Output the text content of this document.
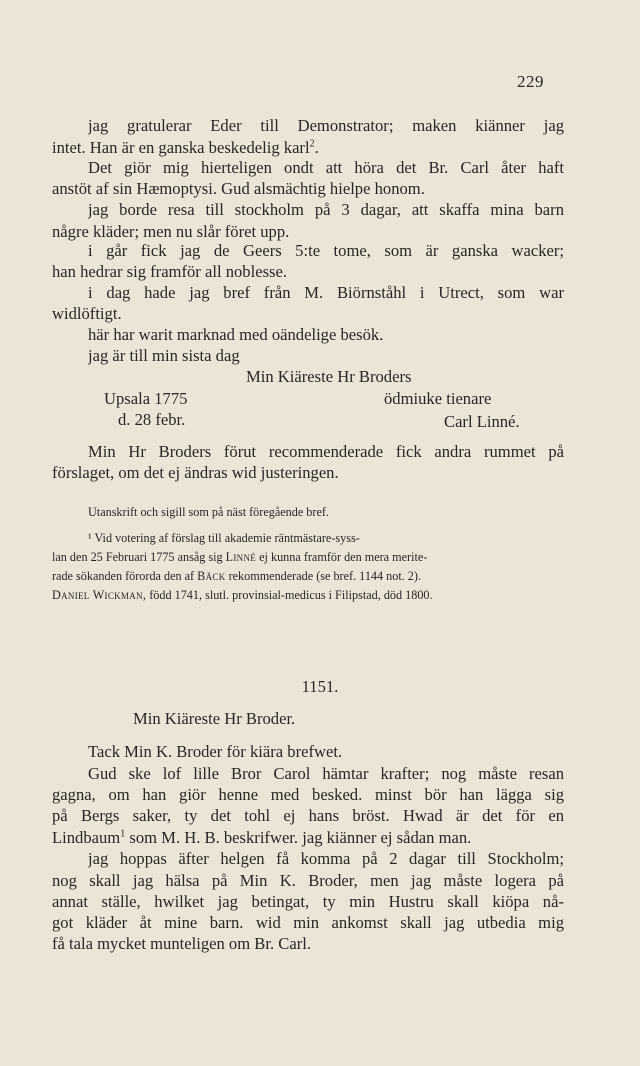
229
jag gratulerar Eder till Demonstrator; maken kiänner jag
intet. Han är en ganska beskedelig karl$^2$.
Det giör mig hierteligen ondt att höra det Br. Carl åter haft
anstöt af sin Hæmoptysi. Gud alsmächtig hielpe honom.
jag borde resa till stockholm på 3 dagar, att skaffa mina barn
någre kläder; men nu slår föret upp.
i går fick jag de Geers 5:te tome, som är ganska wacker;
han hedrar sig framför all noblesse.
i dag hade jag bref från M. Biörnståhl i Utrect, som war
widlöftigt.
här har warit marknad med oändelige besök.
jag är till min sista dag
Min Kiäreste Hr Broders
Upsala 1775	ödmiuke tienare
d. 28 febr.	Carl Linné.
Min Hr Broders förut recommenderade fick andra rummet på
förslaget, om det ej ändras wid justeringen.
Utanskrift och sigill som på näst föregående bref.
¹ Vid votering af förslag till akademie räntmästare-syss-
lan den 25 Februari 1775 ansåg sig Linné ej kunna framför den mera merite-
rade sökanden förorda den af Bäck rekommenderade (se bref. 1144 not. 2).
Daniel Wickman, född 1741, slutl. provinsial-medicus i Filipstad, död 1800.
1151.
Min Kiäreste Hr Broder.
Tack Min K. Broder för kiära brefwet.
Gud ske lof lille Bror Carol hämtar krafter; nog måste resan
gagna, om han giör henne med besked. minst bör han lägga sig
på Bergs saker, ty det tohl ej hans bröst. Hwad är det för en
Lindbaum$^1$ som M. H. B. beskrifwer. jag kiänner ej sådan man.
jag hoppas äfter helgen få komma på 2 dagar till Stockholm;
nog skall jag hälsa på Min K. Broder, men jag måste logera på
annat ställe, hwilket jag betingat, ty min Hustru skall kiöpa nå-
got kläder åt mine barn. wid min ankomst skall jag utbedia mig
få tala mycket munteligen om Br. Carl.
